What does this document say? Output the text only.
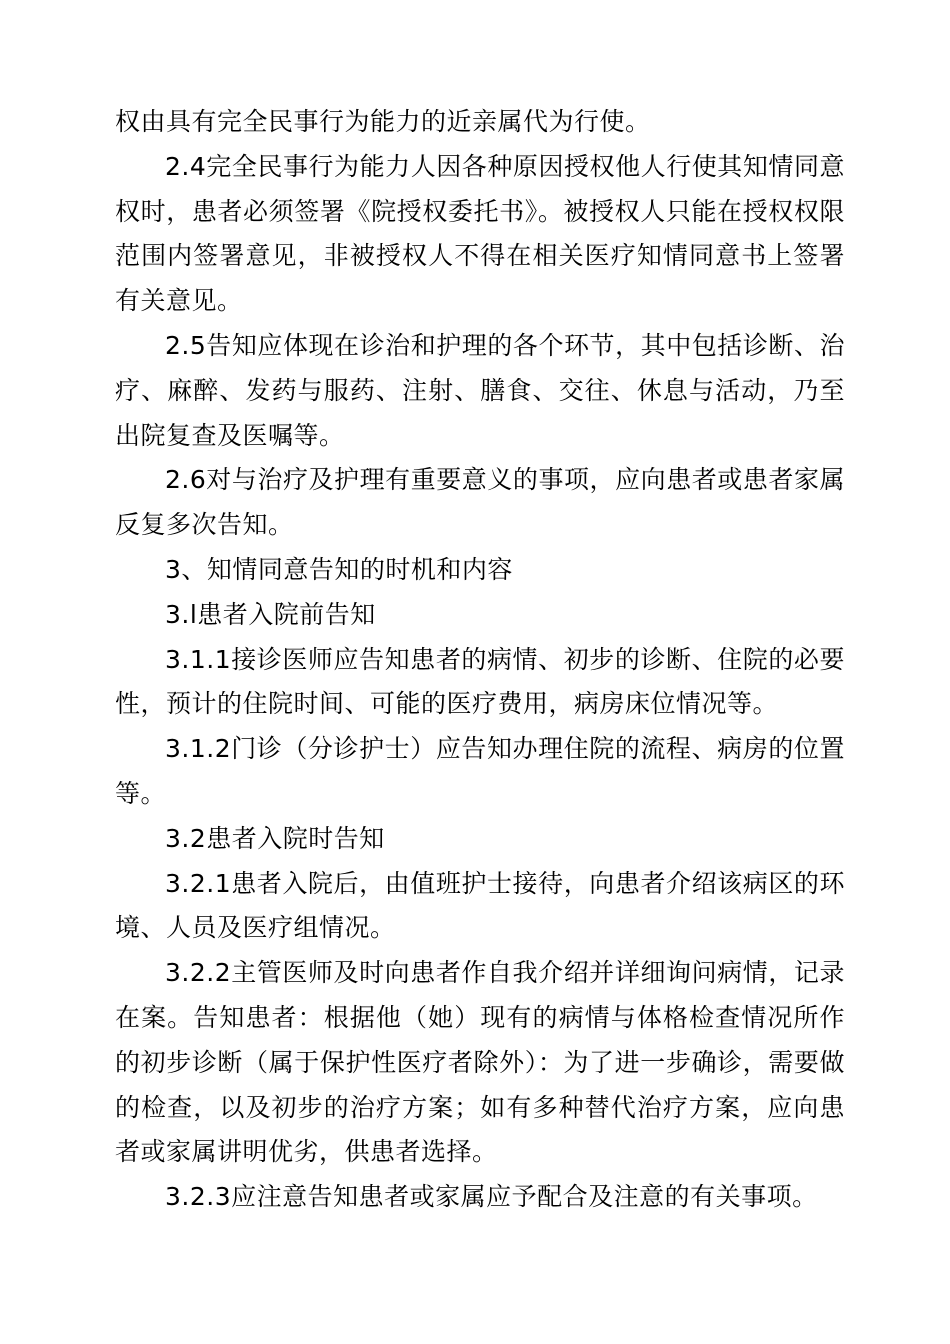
权由具有完全民事行为能力的近亲属代为行使。

2.4完全民事行为能力人因各种原因授权他人行使其知情同意权时，患者必须签署《院授权委托书》。被授权人只能在授权权限范围内签署意见，非被授权人不得在相关医疗知情同意书上签署有关意见。

2.5告知应体现在诊治和护理的各个环节，其中包括诊断、治疗、麻醉、发药与服药、注射、膳食、交往、休息与活动，乃至出院复查及医嘱等。

2.6对与治疗及护理有重要意义的事项，应向患者或患者家属反复多次告知。

3、知情同意告知的时机和内容

3.l患者入院前告知

3.1.1接诊医师应告知患者的病情、初步的诊断、住院的必要性，预计的住院时间、可能的医疗费用，病房床位情况等。

3.1.2门诊（分诊护士）应告知办理住院的流程、病房的位置等。

3.2患者入院时告知

3.2.1患者入院后，由值班护士接待，向患者介绍该病区的环境、人员及医疗组情况。

3.2.2主管医师及时向患者作自我介绍并详细询问病情，记录在案。告知患者：根据他（她）现有的病情与体格检查情况所作的初步诊断（属于保护性医疗者除外）：为了进一步确诊，需要做的检查，以及初步的治疗方案；如有多种替代治疗方案，应向患者或家属讲明优劣，供患者选择。

3.2.3应注意告知患者或家属应予配合及注意的有关事项。
